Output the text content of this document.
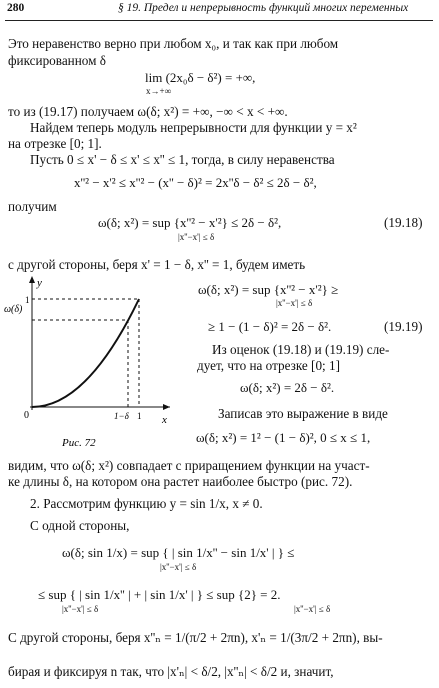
280	§ 19. Предел и непрерывность функций многих переменных
Это неравенство верно при любом x₀, и так как при любом
фиксированном δ
lim (2x₀δ − δ²) = +∞,
x→+∞
то из (19.17) получаем ω(δ; x²) = +∞, −∞ < x < +∞.
Найдем теперь модуль непрерывности для функции y = x²
на отрезке [0; 1].
Пусть 0 ≤ x' − δ ≤ x' ≤ x'' ≤ 1, тогда, в силу неравенства
x''² − x'² ≤ x''² − (x'' − δ)² = 2x''δ − δ² ≤ 2δ − δ²,
получим
ω(δ; x²) = sup {x''² − x'²} ≤ 2δ − δ²,
|x''−x'| ≤ δ
(19.18)
с другой стороны, беря x' = 1 − δ, x'' = 1, будем иметь
y
x
0
ω(δ)
1−δ 1
1
Рис. 72
ω(δ; x²) = sup {x''² − x'²} ≥
|x''−x'| ≤ δ
≥ 1 − (1 − δ)² = 2δ − δ².	(19.19)
Из оценок (19.18) и (19.19) сле-
дует, что на отрезке [0; 1]
ω(δ; x²) = 2δ − δ².
Записав это выражение в виде
ω(δ; x²) = 1² − (1 − δ)², 0 ≤ x ≤ 1,
видим, что ω(δ; x²) совпадает с приращением функции на участ-
ке длины δ, на котором она растет наиболее быстро (рис. 72).
2. Рассмотрим функцию y = sin 1/x, x ≠ 0.
С одной стороны,
ω(δ; sin 1/x) = sup { | sin 1/x'' − sin 1/x' | } ≤
|x''−x'| ≤ δ
≤ sup { | sin 1/x'' | + | sin 1/x' | } ≤ sup {2} = 2.
|x''−x'| ≤ δ	|x''−x'| ≤ δ
С другой стороны, беря x''ₙ = 1/(π/2 + 2πn), x'ₙ = 1/(3π/2 + 2πn), вы-
бирая и фиксируя n так, что |x'ₙ| < δ/2, |x''ₙ| < δ/2 и, значит,
